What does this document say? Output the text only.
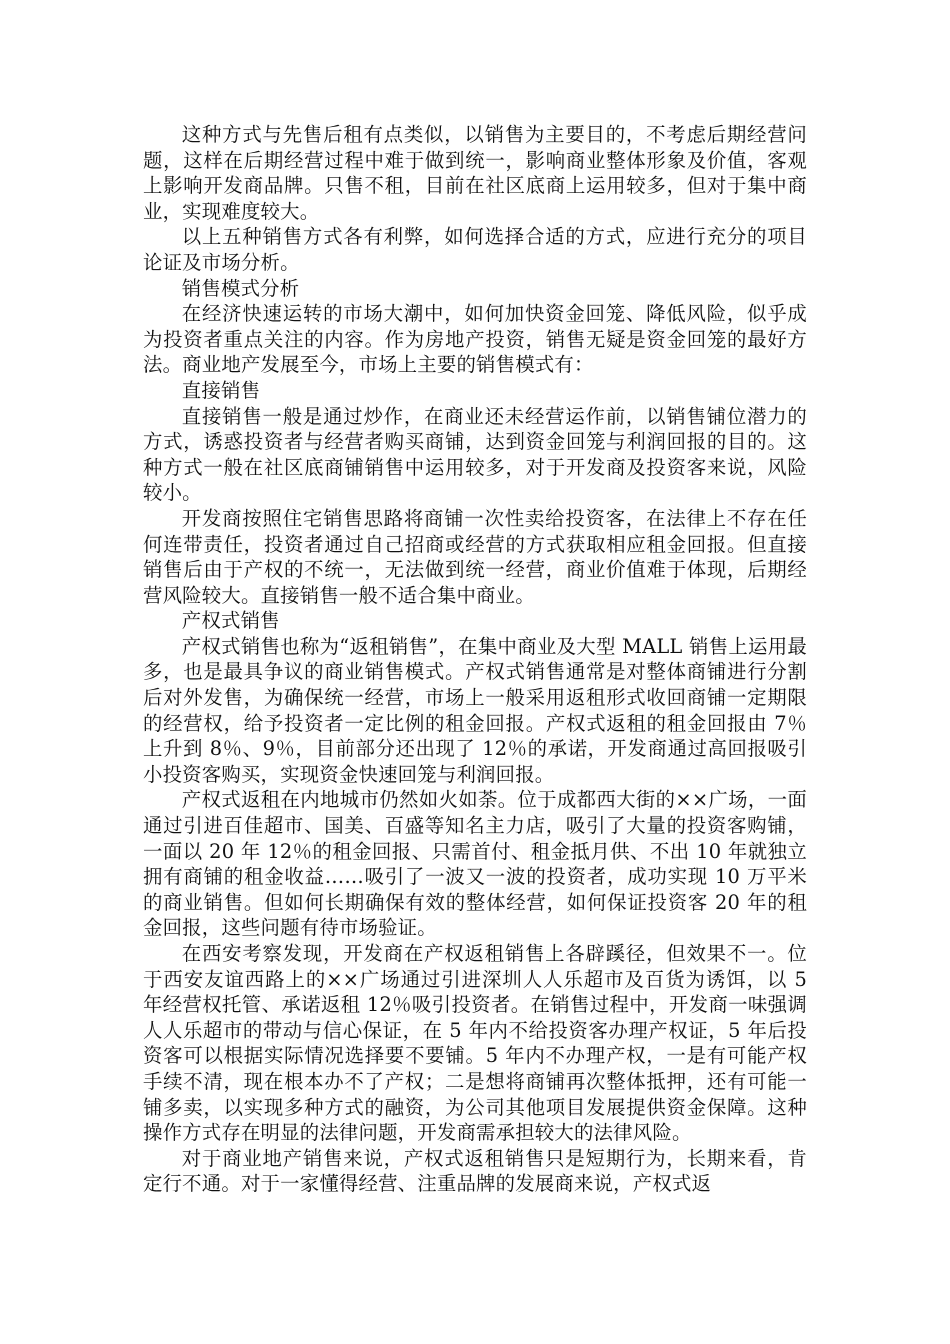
这种方式与先售后租有点类似，以销售为主要目的，不考虑后期经营问题，这样在后期经营过程中难于做到统一，影响商业整体形象及价值，客观上影响开发商品牌。只售不租，目前在社区底商上运用较多，但对于集中商业，实现难度较大。

以上五种销售方式各有利弊，如何选择合适的方式，应进行充分的项目论证及市场分析。

销售模式分析

在经济快速运转的市场大潮中，如何加快资金回笼、降低风险，似乎成为投资者重点关注的内容。作为房地产投资，销售无疑是资金回笼的最好方法。商业地产发展至今，市场上主要的销售模式有：

直接销售

直接销售一般是通过炒作，在商业还未经营运作前，以销售铺位潜力的方式，诱惑投资者与经营者购买商铺，达到资金回笼与利润回报的目的。这种方式一般在社区底商铺销售中运用较多，对于开发商及投资客来说，风险较小。

开发商按照住宅销售思路将商铺一次性卖给投资客，在法律上不存在任何连带责任，投资者通过自己招商或经营的方式获取相应租金回报。但直接销售后由于产权的不统一，无法做到统一经营，商业价值难于体现，后期经营风险较大。直接销售一般不适合集中商业。

产权式销售

产权式销售也称为“返租销售”，在集中商业及大型 MALL 销售上运用最多，也是最具争议的商业销售模式。产权式销售通常是对整体商铺进行分割后对外发售，为确保统一经营，市场上一般采用返租形式收回商铺一定期限的经营权，给予投资者一定比例的租金回报。产权式返租的租金回报由 7％上升到 8％、9％，目前部分还出现了 12％的承诺，开发商通过高回报吸引小投资客购买，实现资金快速回笼与利润回报。

产权式返租在内地城市仍然如火如荼。位于成都西大街的××广场，一面通过引进百佳超市、国美、百盛等知名主力店，吸引了大量的投资客购铺，一面以 20 年 12％的租金回报、只需首付、租金抵月供、不出 10 年就独立拥有商铺的租金收益……吸引了一波又一波的投资者，成功实现 10 万平米的商业销售。但如何长期确保有效的整体经营，如何保证投资客 20 年的租金回报，这些问题有待市场验证。

在西安考察发现，开发商在产权返租销售上各辟蹊径，但效果不一。位于西安友谊西路上的××广场通过引进深圳人人乐超市及百货为诱饵，以 5 年经营权托管、承诺返租 12％吸引投资者。在销售过程中，开发商一味强调人人乐超市的带动与信心保证，在 5 年内不给投资客办理产权证，5 年后投资客可以根据实际情况选择要不要铺。5 年内不办理产权，一是有可能产权手续不清，现在根本办不了产权；二是想将商铺再次整体抵押，还有可能一铺多卖，以实现多种方式的融资，为公司其他项目发展提供资金保障。这种操作方式存在明显的法律问题，开发商需承担较大的法律风险。

对于商业地产销售来说，产权式返租销售只是短期行为，长期来看，肯定行不通。对于一家懂得经营、注重品牌的发展商来说，产权式返
